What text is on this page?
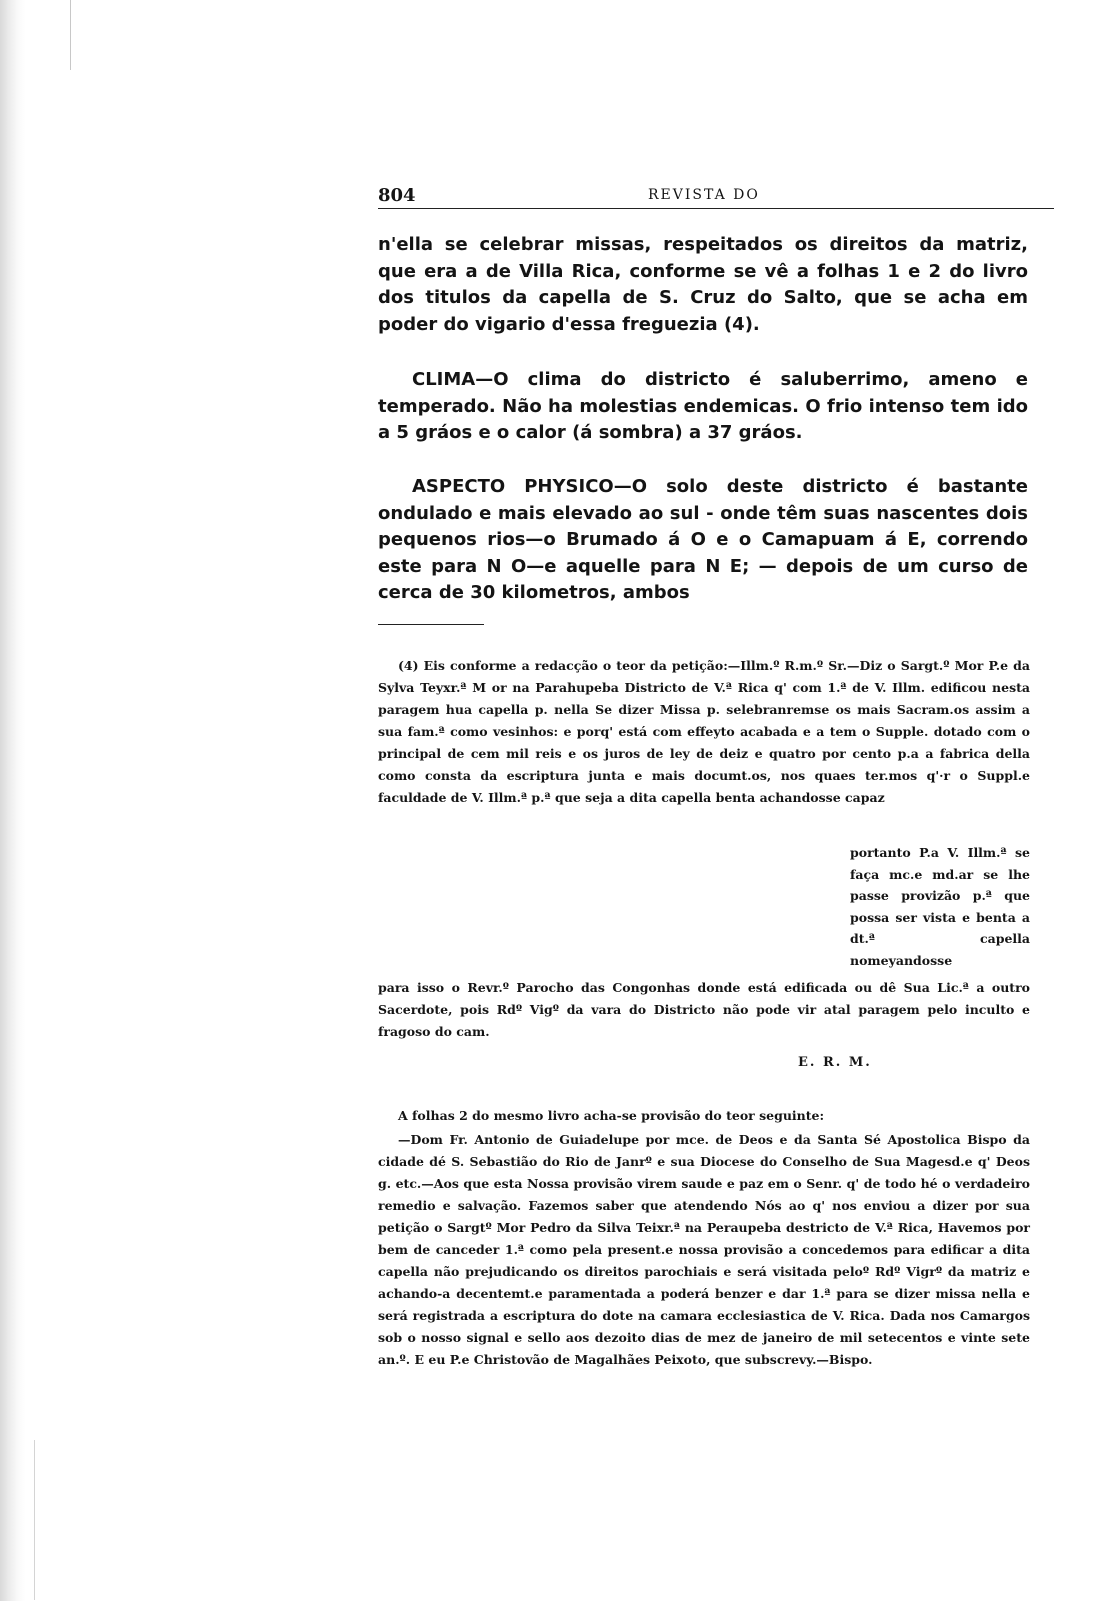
804	REVISTA DO

n'ella se celebrar missas, respeitados os direitos da matriz, que era a de Villa Rica, conforme se vê a folhas 1 e 2 do livro dos titulos da capella de S. Cruz do Salto, que se acha em poder do vigario d'essa freguezia (4).

CLIMA—O clima do districto é saluberrimo, ameno e temperado. Não ha molestias endemicas. O frio intenso tem ido a 5 gráos e o calor (á sombra) a 37 gráos.

ASPECTO PHYSICO—O solo deste districto é bastante ondulado e mais elevado ao sul - onde têm suas nascentes dois pequenos rios—o Brumado á O e o Camapuam á E, correndo este para N O—e aquelle para N E; — depois de um curso de cerca de 30 kilometros, ambos

(4) Eis conforme a redacção o teor da petição:—Illm.º R.m.º Sr.—Diz o Sargt.º Mor P.e da Sylva Teyxr.ª M or na Parahupeba Districto de V.ª Rica q' com 1.ª de V. Illm. edificou nesta paragem hua capella p. nella Se dizer Missa p. selebranremse os mais Sacram.os assim a sua fam.ª como vesinhos: e porq' está com effeyto acabada e a tem o Supple. dotado com o principal de cem mil reis e os juros de ley de deiz e quatro por cento p.a a fabrica della como consta da escriptura junta e mais documt.os, nos quaes ter.mos q'·r o Suppl.e faculdade de V. Illm.ª p.ª que seja a dita capella benta achandosse capaz

portanto P.a V. Illm.ª se faça mc.e md.ar se lhe passe provizão p.ª que possa ser vista e benta a dt.ª capella nomeyandosse

para isso o Revr.º Parocho das Congonhas donde está edificada ou dê Sua Lic.ª a outro Sacerdote, pois Rdº Vigº da vara do Districto não pode vir atal paragem pelo inculto e fragoso do cam.

E. R. M.

A folhas 2 do mesmo livro acha-se provisão do teor seguinte:

—Dom Fr. Antonio de Guiadelupe por mce. de Deos e da Santa Sé Apostolica Bispo da cidade dé S. Sebastião do Rio de Janrº e sua Diocese do Conselho de Sua Magesd.e q' Deos g. etc.—Aos que esta Nossa provisão virem saude e paz em o Senr. q' de todo hé o verdadeiro remedio e salvação. Fazemos saber que atendendo Nós ao q' nos enviou a dizer por sua petição o Sargtº Mor Pedro da Silva Teixr.ª na Peraupeba destricto de V.ª Rica, Havemos por bem de canceder 1.ª como pela present.e nossa provisão a concedemos para edificar a dita capella não prejudicando os direitos parochiais e será visitada peloº Rdº Vigrº da matriz e achando-a decentemt.e paramentada a poderá benzer e dar 1.ª para se dizer missa nella e será registrada a escriptura do dote na camara ecclesiastica de V. Rica. Dada nos Camargos sob o nosso signal e sello aos dezoito dias de mez de janeiro de mil setecentos e vinte sete an.º. E eu P.e Christovão de Magalhães Peixoto, que subscrevy.—Bispo.
